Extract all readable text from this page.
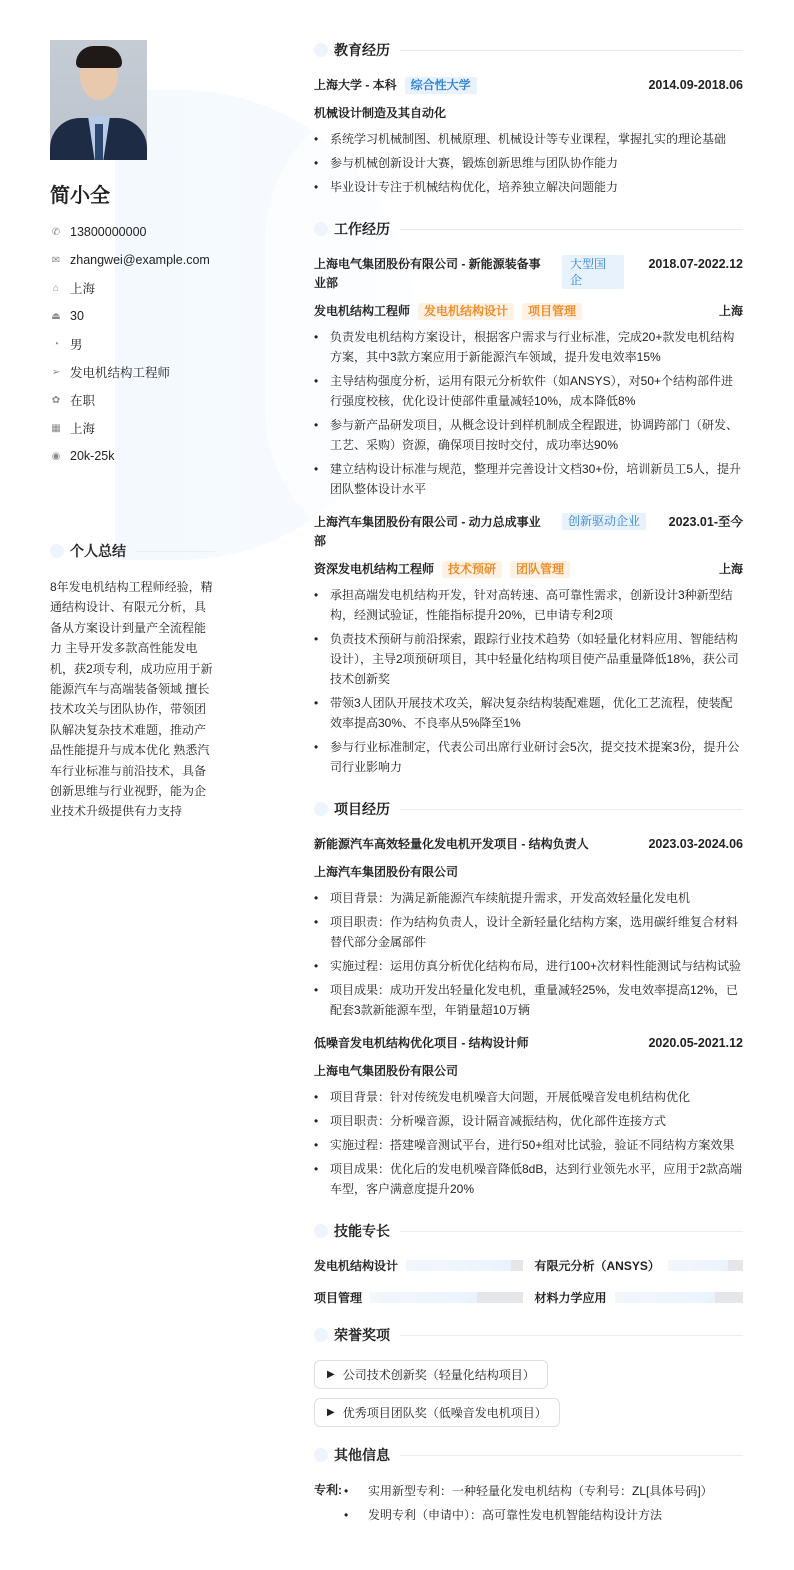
简小全
✆ 13800000000
✉ zhangwei@example.com
⌂ 上海
⏏ 30
◔ 男
➢ 发电机结构工程师
✿ 在职
▦ 上海
◉ 20k-25k
个人总结
8年发电机结构工程师经验，精通结构设计、有限元分析，具备从方案设计到量产全流程能力 主导开发多款高性能发电机，获2项专利，成功应用于新能源汽车与高端装备领域 擅长技术攻关与团队协作，带领团队解决复杂技术难题，推动产品性能提升与成本优化 熟悉汽车行业标准与前沿技术，具备创新思维与行业视野，能为企业技术升级提供有力支持
教育经历
上海大学 - 本科 综合性大学	2014.09-2018.06
机械设计制造及其自动化
• 系统学习机械制图、机械原理、机械设计等专业课程，掌握扎实的理论基础
• 参与机械创新设计大赛，锻炼创新思维与团队协作能力
• 毕业设计专注于机械结构优化，培养独立解决问题能力
工作经历
上海电气集团股份有限公司 - 新能源装备事业部
大型国企
2018.07-2022.12
发电机结构工程师 发电机结构设计 项目管理	上海
• 负责发电机结构方案设计，根据客户需求与行业标准，完成20+款发电机结构方案，其中3款方案应用于新能源汽车领域，提升发电效率15%
• 主导结构强度分析，运用有限元分析软件（如ANSYS），对50+个结构部件进行强度校核，优化设计使部件重量减轻10%，成本降低8%
• 参与新产品研发项目，从概念设计到样机制成全程跟进，协调跨部门（研发、工艺、采购）资源，确保项目按时交付，成功率达90%
• 建立结构设计标准与规范，整理并完善设计文档30+份，培训新员工5人，提升团队整体设计水平
上海汽车集团股份有限公司 - 动力总成事业部
创新驱动企业	2023.01-至今
资深发电机结构工程师 技术预研 团队管理	上海
• 承担高端发电机结构开发，针对高转速、高可靠性需求，创新设计3种新型结构，经测试验证，性能指标提升20%，已申请专利2项
• 负责技术预研与前沿探索，跟踪行业技术趋势（如轻量化材料应用、智能结构设计），主导2项预研项目，其中轻量化结构项目使产品重量降低18%，获公司技术创新奖
• 带领3人团队开展技术攻关，解决复杂结构装配难题，优化工艺流程，使装配效率提高30%、不良率从5%降至1%
• 参与行业标准制定，代表公司出席行业研讨会5次，提交技术提案3份，提升公司行业影响力
项目经历
新能源汽车高效轻量化发电机开发项目 - 结构负责人	2023.03-2024.06
上海汽车集团股份有限公司
• 项目背景：为满足新能源汽车续航提升需求，开发高效轻量化发电机
• 项目职责：作为结构负责人，设计全新轻量化结构方案，选用碳纤维复合材料替代部分金属部件
• 实施过程：运用仿真分析优化结构布局，进行100+次材料性能测试与结构试验
• 项目成果：成功开发出轻量化发电机，重量减轻25%，发电效率提高12%，已配套3款新能源车型，年销量超10万辆
低噪音发电机结构优化项目 - 结构设计师	2020.05-2021.12
上海电气集团股份有限公司
• 项目背景：针对传统发电机噪音大问题，开展低噪音发电机结构优化
• 项目职责：分析噪音源，设计隔音减振结构，优化部件连接方式
• 实施过程：搭建噪音测试平台，进行50+组对比试验，验证不同结构方案效果
• 项目成果：优化后的发电机噪音降低8dB，达到行业领先水平，应用于2款高端车型，客户满意度提升20%
技能专长
发电机结构设计	有限元分析（ANSYS）
项目管理	材料力学应用
荣誉奖项
▶ 公司技术创新奖（轻量化结构项目）
▶ 优秀项目团队奖（低噪音发电机项目）
其他信息
专利:	• 实用新型专利：一种轻量化发电机结构（专利号：ZL[具体号码]）
• 发明专利（申请中）：高可靠性发电机智能结构设计方法
